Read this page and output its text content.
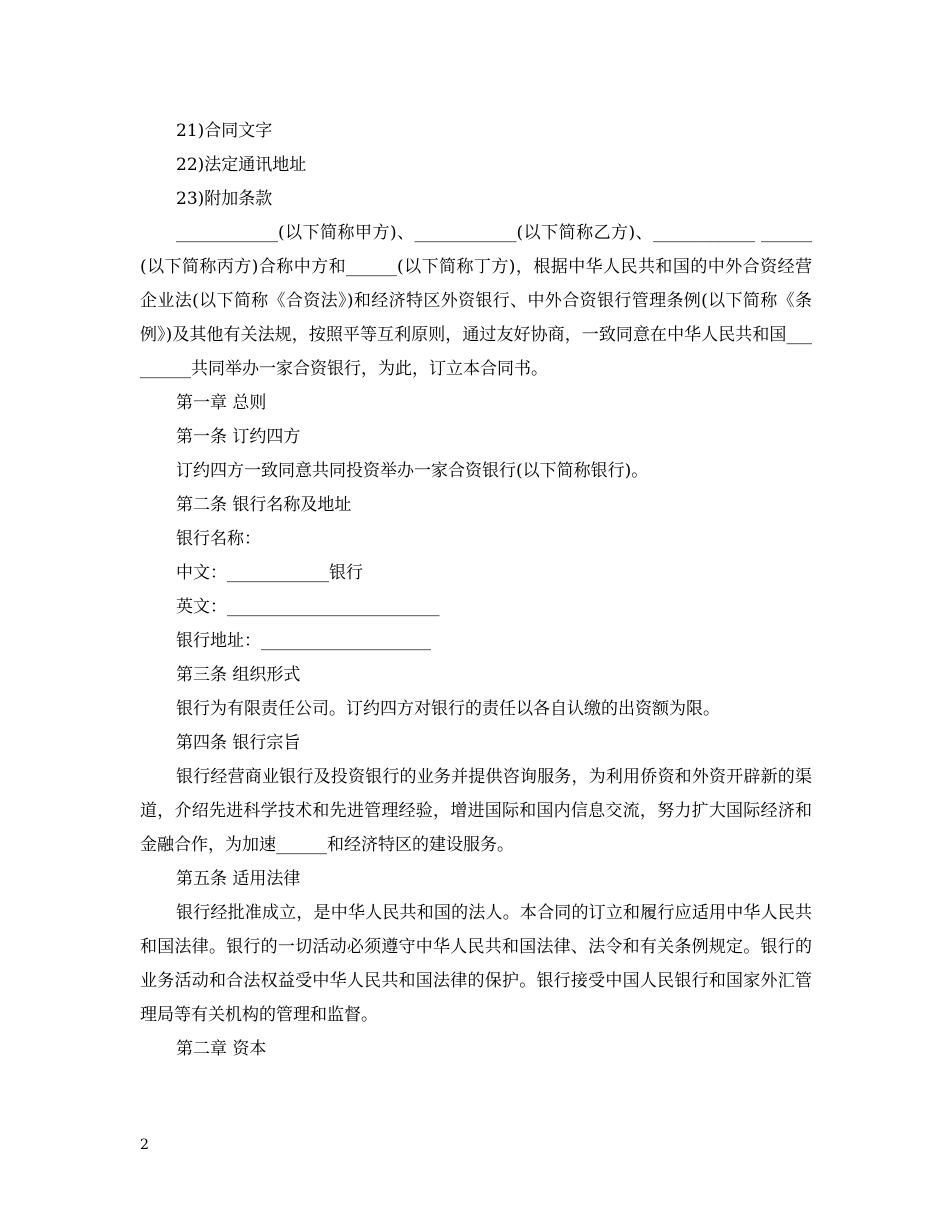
21)合同文字

22)法定通讯地址

23)附加条款

____________(以下简称甲方)、____________(以下简称乙方)、____________ ______(以下简称丙方)合称中方和______(以下简称丁方)，根据中华人民共和国的中外合资经营企业法(以下简称《合资法》)和经济特区外资银行、中外合资银行管理条例(以下简称《条例》)及其他有关法规，按照平等互利原则，通过友好协商，一致同意在中华人民共和国_________共同举办一家合资银行，为此，订立本合同书。

第一章 总则

第一条 订约四方

订约四方一致同意共同投资举办一家合资银行(以下简称银行)。

第二条 银行名称及地址

银行名称：

中文：____________银行

英文：_________________________

银行地址：____________________

第三条 组织形式

银行为有限责任公司。订约四方对银行的责任以各自认缴的出资额为限。

第四条 银行宗旨

银行经营商业银行及投资银行的业务并提供咨询服务，为利用侨资和外资开辟新的渠道，介绍先进科学技术和先进管理经验，增进国际和国内信息交流，努力扩大国际经济和金融合作，为加速______和经济特区的建设服务。

第五条 适用法律

银行经批准成立，是中华人民共和国的法人。本合同的订立和履行应适用中华人民共和国法律。银行的一切活动必须遵守中华人民共和国法律、法令和有关条例规定。银行的业务活动和合法权益受中华人民共和国法律的保护。银行接受中国人民银行和国家外汇管理局等有关机构的管理和监督。

第二章 资本

2
